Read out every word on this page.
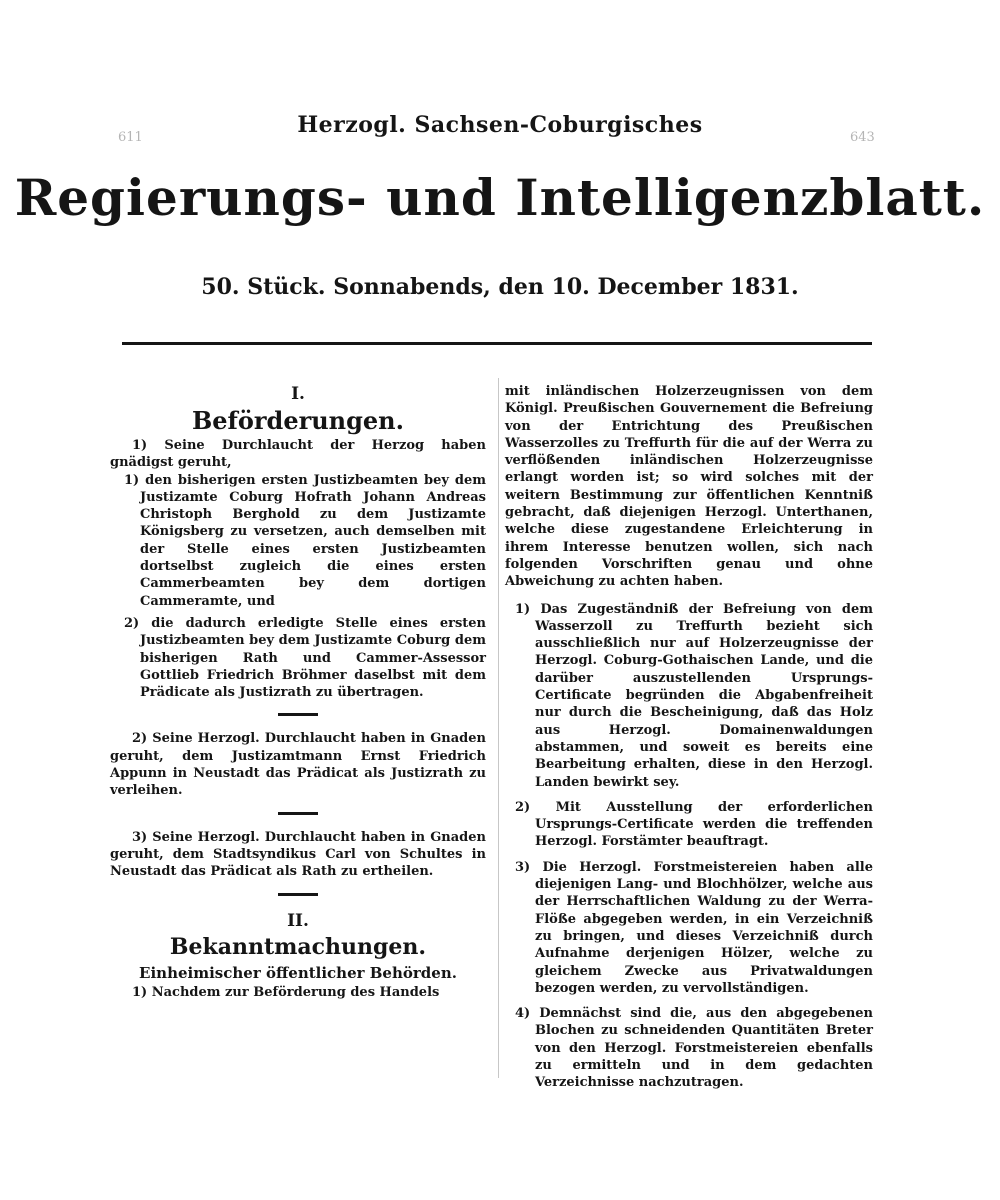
611	643
Herzogl. Sachsen-Coburgisches
Regierungs- und Intelligenzblatt.
50. Stück. Sonnabends, den 10. December 1831.

I.

Beförderungen.

1) Seine Durchlaucht der Herzog haben gnädigst geruht,

1) den bisherigen ersten Justizbeamten bey dem Justizamte Coburg Hofrath Johann Andreas Christoph Berghold zu dem Justizamte Königsberg zu versetzen, auch demselben mit der Stelle eines ersten Justizbeamten dortselbst zugleich die eines ersten Cammerbeamten bey dem dortigen Cammeramte, und

2) die dadurch erledigte Stelle eines ersten Justizbeamten bey dem Justizamte Coburg dem bisherigen Rath und Cammer-Assessor Gottlieb Friedrich Bröhmer daselbst mit dem Prädicate als Justizrath zu übertragen.

2) Seine Herzogl. Durchlaucht haben in Gnaden geruht, dem Justizamtmann Ernst Friedrich Appunn in Neustadt das Prädicat als Justizrath zu verleihen.

3) Seine Herzogl. Durchlaucht haben in Gnaden geruht, dem Stadtsyndikus Carl von Schultes in Neustadt das Prädicat als Rath zu ertheilen.

II.

Bekanntmachungen.

Einheimischer öffentlicher Behörden.

1) Nachdem zur Beförderung des Handels

mit inländischen Holzerzeugnissen von dem Königl. Preußischen Gouvernement die Befreiung von der Entrichtung des Preußischen Wasserzolles zu Treffurth für die auf der Werra zu verflößenden inländischen Holzerzeugnisse erlangt worden ist; so wird solches mit der weitern Bestimmung zur öffentlichen Kenntniß gebracht, daß diejenigen Herzogl. Unterthanen, welche diese zugestandene Erleichterung in ihrem Interesse benutzen wollen, sich nach folgenden Vorschriften genau und ohne Abweichung zu achten haben.

1) Das Zugeständniß der Befreiung von dem Wasserzoll zu Treffurth bezieht sich ausschließlich nur auf Holzerzeugnisse der Herzogl. Coburg-Gothaischen Lande, und die darüber auszustellenden Ursprungs-Certificate begründen die Abgabenfreiheit nur durch die Bescheinigung, daß das Holz aus Herzogl. Domainenwaldungen abstammen, und soweit es bereits eine Bearbeitung erhalten, diese in den Herzogl. Landen bewirkt sey.

2) Mit Ausstellung der erforderlichen Ursprungs-Certificate werden die treffenden Herzogl. Forstämter beauftragt.

3) Die Herzogl. Forstmeistereien haben alle diejenigen Lang- und Blochhölzer, welche aus der Herrschaftlichen Waldung zu der Werra-Flöße abgegeben werden, in ein Verzeichniß zu bringen, und dieses Verzeichniß durch Aufnahme derjenigen Hölzer, welche zu gleichem Zwecke aus Privatwaldungen bezogen werden, zu vervollständigen.

4) Demnächst sind die, aus den abgegebenen Blochen zu schneidenden Quantitäten Breter von den Herzogl. Forstmeistereien ebenfalls zu ermitteln und in dem gedachten Verzeichnisse nachzutragen.
